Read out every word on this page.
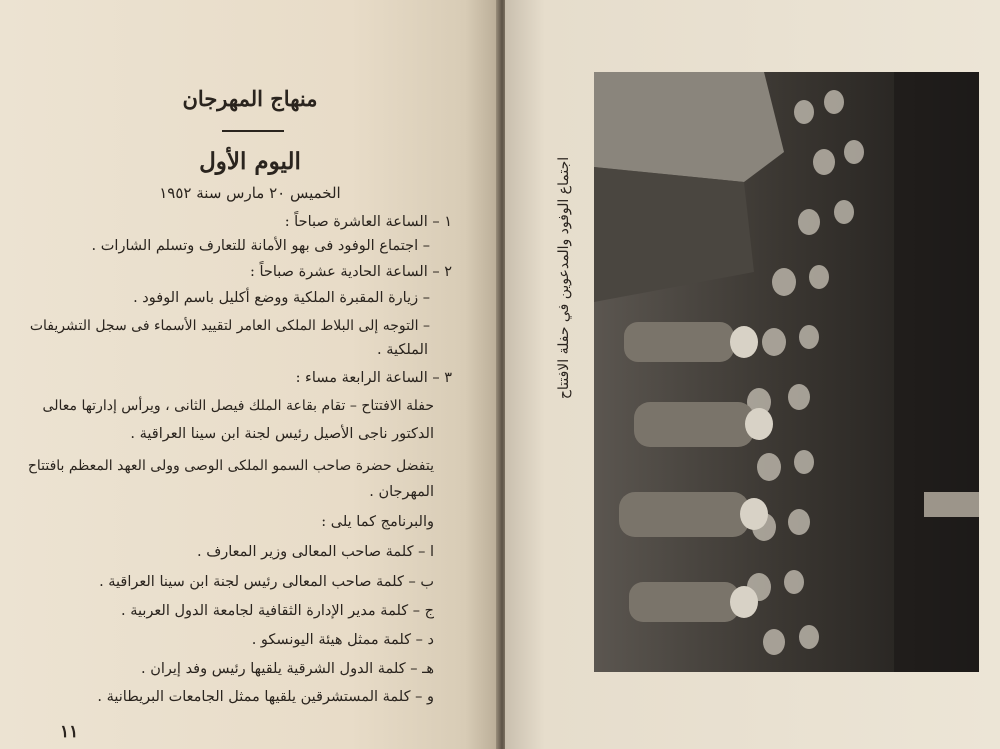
منهاج المهرجان
اليوم الأول
الخميس ٢٠ مارس سنة ١٩٥٢
١ – الساعة العاشرة صباحاً :
– اجتماع الوفود فى بهو الأمانة للتعارف وتسلم الشارات .
٢ – الساعة الحادية عشرة صباحاً :
– زيارة المقبرة الملكية ووضع أكليل باسم الوفود .
– التوجه إلى البلاط الملكى العامر لتقييد الأسماء فى سجل التشريفات
الملكية .
٣ – الساعة الرابعة مساء :
حفلة الافتتاح – تقام بقاعة الملك فيصل الثانى ، ويرأس إدارتها معالى
الدكتور ناجى الأصيل رئيس لجنة ابن سينا العراقية .
يتفضل حضرة صاحب السمو الملكى الوصى وولى العهد المعظم بافتتاح
المهرجان .
والبرنامج كما يلى :
ا – كلمة صاحب المعالى وزير المعارف .
ب – كلمة صاحب المعالى رئيس لجنة ابن سينا العراقية .
ج – كلمة مدير الإدارة الثقافية لجامعة الدول العربية .
د – كلمة ممثل هيئة اليونسكو .
هـ – كلمة الدول الشرقية يلقيها رئيس وفد إيران .
و – كلمة المستشرقين يلقيها ممثل الجامعات البريطانية .
١١
اجتماع الوفود والمدعوين في حفلة الافتتاح
